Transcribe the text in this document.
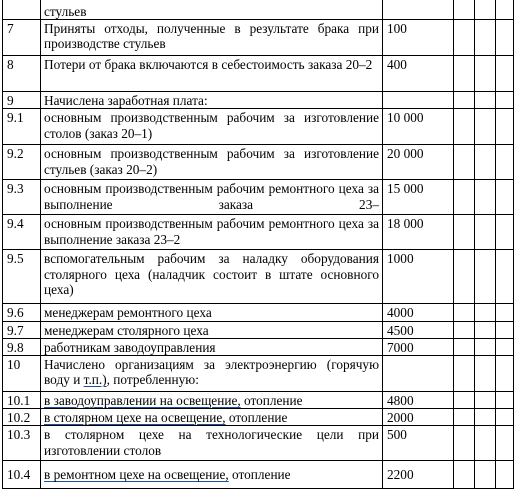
	стульев				
7	Приняты отходы, полученные в результате брака при производстве стульев	100			
8	Потери от брака включаются в себестоимость заказа 20–2	400			
9	Начислена заработная плата:				
9.1	основным производственным рабочим за изготовление столов (заказ 20–1)	10 000			
9.2	основным производственным рабочим за изготовление стульев (заказ 20–2)	20 000			
9.3	основным производственным рабочим ремонтного цеха за выполнение заказа 23–	15 000			
9.4	основным производственным рабочим ремонтного цеха за выполнение заказа 23–2	18 000			
9.5	вспомогательным рабочим за наладку оборудования столярного цеха (наладчик состоит в штате основного цеха)	1000			
9.6	менеджерам ремонтного цеха	4000			
9.7	менеджерам столярного цеха	4500			
9.8	работникам заводоуправления	7000			
10	Начислено организациям за электроэнергию (горячую воду и т.п.), потребленную:				
10.1	в заводоуправлении на освещение, отопление	4800			
10.2	в столярном цехе на освещение, отопление	2000			
10.3	в столярном цехе на технологические цели при изготовлении столов	500			
10.4	в ремонтном цехе на освещение, отопление	2200			
